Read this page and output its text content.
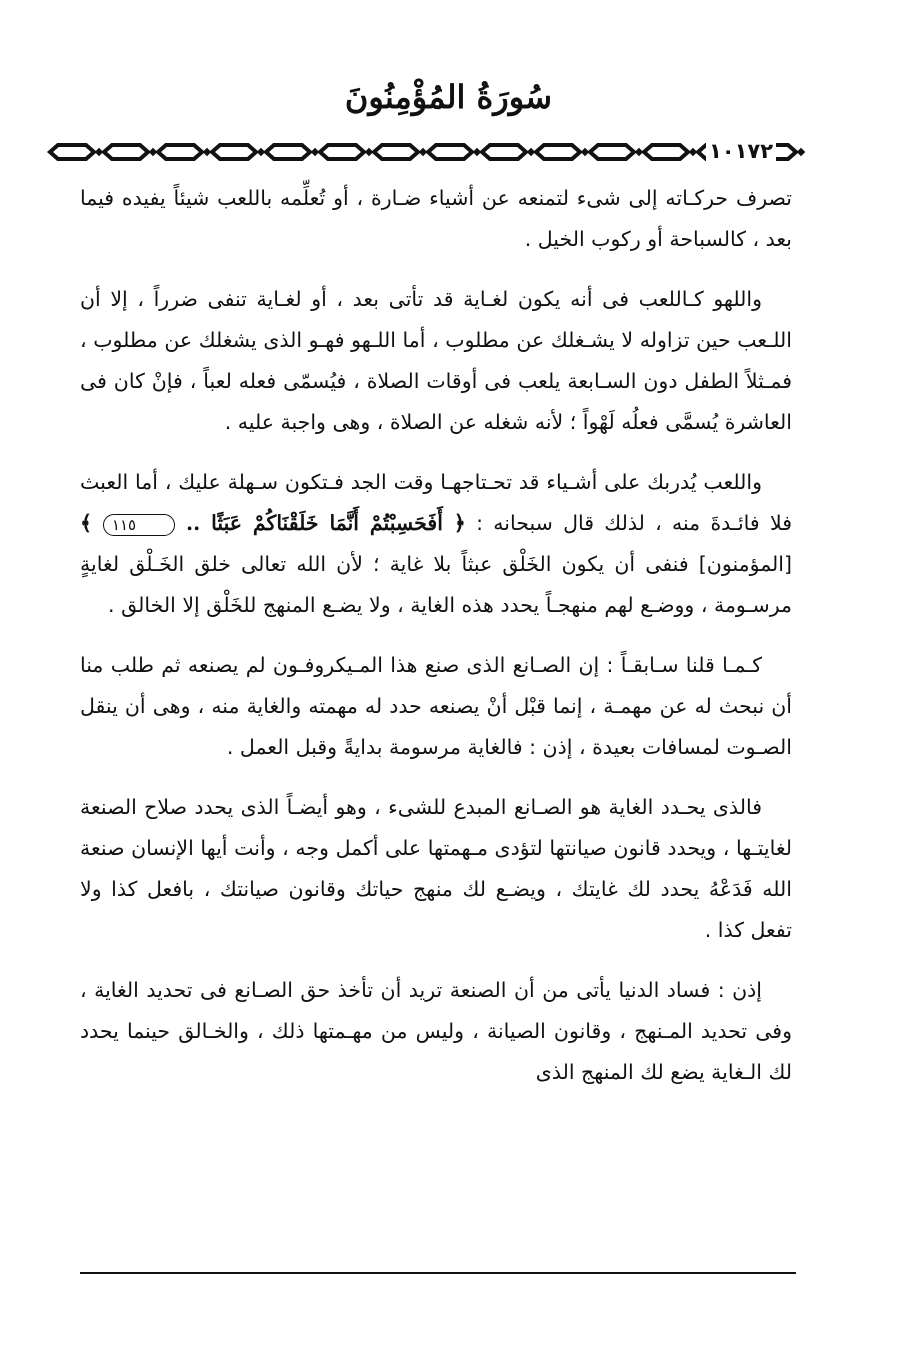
سُورَةُ المُؤْمِنُونَ
١٠١٧٢

تصرف حركـاته إلى شىء لتمنعه عن أشياء ضـارة ، أو تُعلِّمه باللعب شيئاً يفيده فيما بعد ، كالسباحة أو ركوب الخيل .

واللهو كـاللعب فى أنه يكون لغـاية قد تأتى بعد ، أو لغـاية تنفى ضرراً ، إلا أن اللـعب حين تزاوله لا يشـغلك عن مطلوب ، أما اللـهو فهـو الذى يشغلك عن مطلوب ، فمـثلاً الطفل دون السـابعة يلعب فى أوقات الصلاة ، فيُسمّى فعله لعباً ، فإنْ كان فى العاشرة يُسمَّى فعلُه لَهْواً ؛ لأنه شغله عن الصلاة ، وهى واجبة عليه .

واللعب يُدربك على أشـياء قد تحـتاجهـا وقت الجد فـتكون سـهلة عليك ، أما العبث فلا فائـدةَ منه ، لذلك قال سبحانه : ﴿ أَفَحَسِبْتُمْ أَنَّمَا خَلَقْنَاكُمْ عَبَثًا .. ١١٥ ﴾ [المؤمنون] فنفى أن يكون الخَلْق عبثاً بلا غاية ؛ لأن الله تعالى خلق الخَـلْق لغايةٍ مرسـومة ، ووضـع لهم منهجـاً يحدد هذه الغاية ، ولا يضـع المنهج للخَلْق إلا الخالق .

كـمـا قلنا سـابقـاً : إن الصـانع الذى صنع هذا المـيكروفـون لم يصنعه ثم طلب منا أن نبحث له عن مهمـة ، إنما قبْل أنْ يصنعه حدد له مهمته والغاية منه ، وهى أن ينقل الصـوت لمسافات بعيدة ، إذن : فالغاية مرسومة بدايةً وقبل العمل .

فالذى يحـدد الغاية هو الصـانع المبدع للشىء ، وهو أيضـاً الذى يحدد صلاح الصنعة لغايتـها ، ويحدد قانون صيانتها لتؤدى مـهمتها على أكمل وجه ، وأنت أيها الإنسان صنعة الله فَدَعْهُ يحدد لك غايتك ، ويضـع لك منهج حياتك وقانون صيانتك ، بافعل كذا ولا تفعل كذا .

إذن : فساد الدنيا يأتى من أن الصنعة تريد أن تأخذ حق الصـانع فى تحديد الغاية ، وفى تحديد المـنهج ، وقانون الصيانة ، وليس من مهـمتها ذلك ، والخـالق حينما يحدد لك الـغاية يضع لك المنهج الذى
